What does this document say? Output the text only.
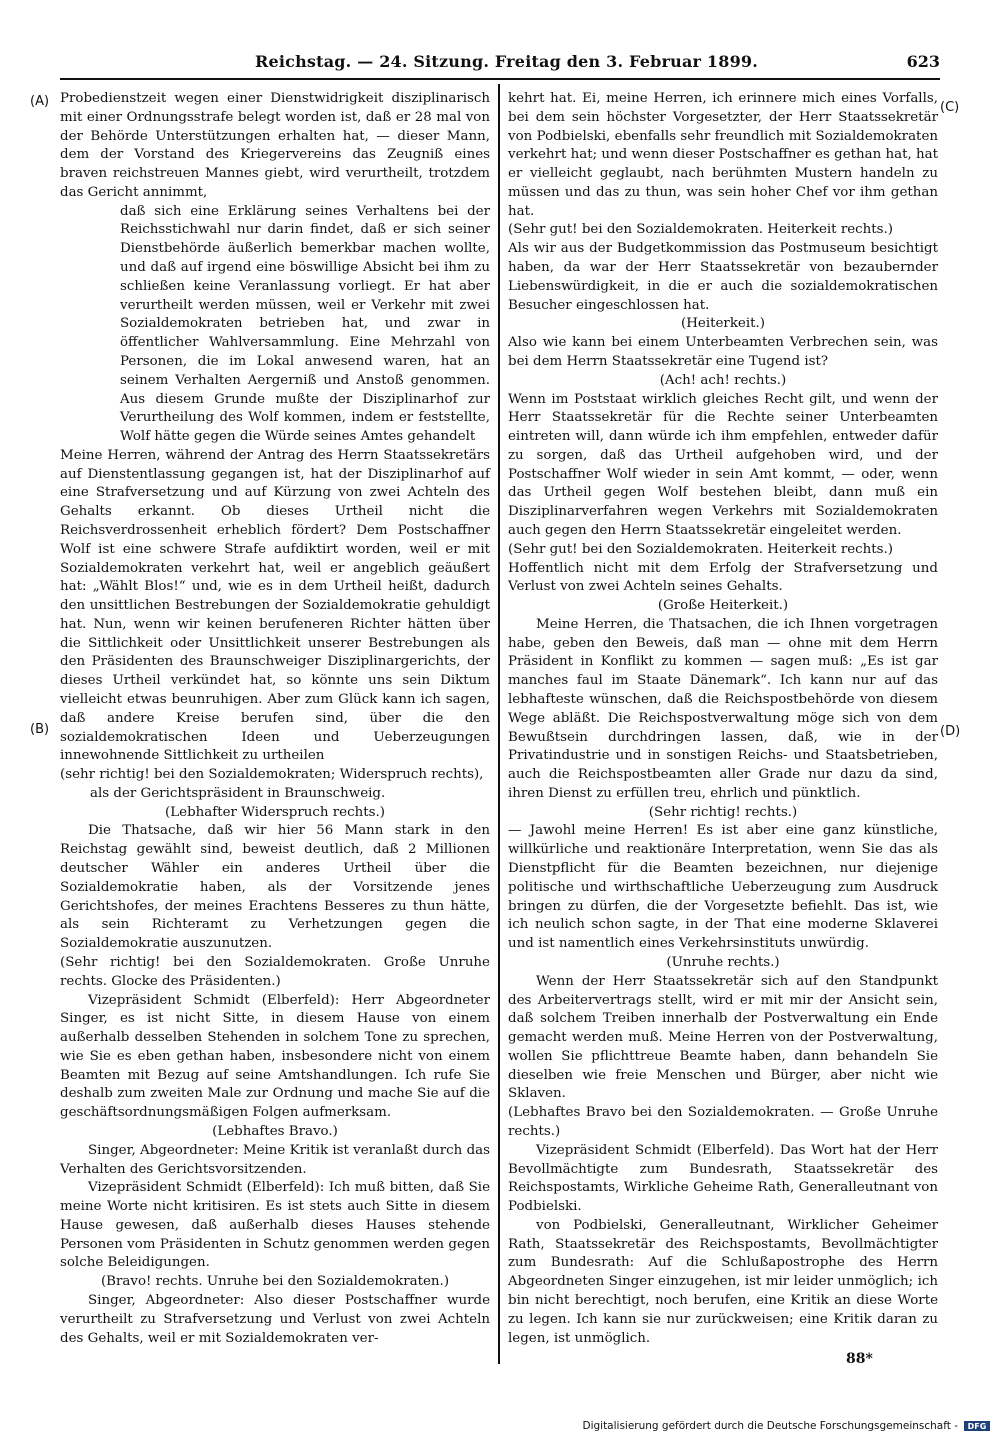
Reichstag. — 24. Sitzung. Freitag den 3. Februar 1899.	623
(A)
(B)
(C)
(D)

Probedienstzeit wegen einer Dienstwidrigkeit disziplinarisch mit einer Ordnungsstrafe belegt worden ist, daß er 28 mal von der Behörde Unterstützungen erhalten hat, — dieser Mann, dem der Vorstand des Kriegervereins das Zeugniß eines braven reichstreuen Mannes giebt, wird verurtheilt, trotzdem das Gericht annimmt,

daß sich eine Erklärung seines Verhaltens bei der Reichsstichwahl nur darin findet, daß er sich seiner Dienstbehörde äußerlich bemerkbar machen wollte, und daß auf irgend eine böswillige Absicht bei ihm zu schließen keine Veranlassung vorliegt. Er hat aber verurtheilt werden müssen, weil er Verkehr mit zwei Sozialdemokraten betrieben hat, und zwar in öffentlicher Wahlversammlung. Eine Mehrzahl von Personen, die im Lokal anwesend waren, hat an seinem Verhalten Aergerniß und Anstoß genommen. Aus diesem Grunde mußte der Disziplinarhof zur Verurtheilung des Wolf kommen, indem er feststellte, Wolf hätte gegen die Würde seines Amtes gehandelt

Meine Herren, während der Antrag des Herrn Staatssekretärs auf Dienstentlassung gegangen ist, hat der Disziplinarhof auf eine Strafversetzung und auf Kürzung von zwei Achteln des Gehalts erkannt. Ob dieses Urtheil nicht die Reichsverdrossenheit erheblich fördert? Dem Postschaffner Wolf ist eine schwere Strafe aufdiktirt worden, weil er mit Sozialdemokraten verkehrt hat, weil er angeblich geäußert hat: „Wählt Blos!“ und, wie es in dem Urtheil heißt, dadurch den unsittlichen Bestrebungen der Sozialdemokratie gehuldigt hat. Nun, wenn wir keinen berufeneren Richter hätten über die Sittlichkeit oder Unsittlichkeit unserer Bestrebungen als den Präsidenten des Braunschweiger Disziplinargerichts, der dieses Urtheil verkündet hat, so könnte uns sein Diktum vielleicht etwas beunruhigen. Aber zum Glück kann ich sagen, daß andere Kreise berufen sind, über die den sozialdemokratischen Ideen und Ueberzeugungen innewohnende Sittlichkeit zu urtheilen

(sehr richtig! bei den Sozialdemokraten; Widerspruch rechts),

als der Gerichtspräsident in Braunschweig.

(Lebhafter Widerspruch rechts.)

Die Thatsache, daß wir hier 56 Mann stark in den Reichstag gewählt sind, beweist deutlich, daß 2 Millionen deutscher Wähler ein anderes Urtheil über die Sozialdemokratie haben, als der Vorsitzende jenes Gerichtshofes, der meines Erachtens Besseres zu thun hätte, als sein Richteramt zu Verhetzungen gegen die Sozialdemokratie auszunutzen.

(Sehr richtig! bei den Sozialdemokraten. Große Unruhe rechts. Glocke des Präsidenten.)

Vizepräsident Schmidt (Elberfeld): Herr Abgeordneter Singer, es ist nicht Sitte, in diesem Hause von einem außerhalb desselben Stehenden in solchem Tone zu sprechen, wie Sie es eben gethan haben, insbesondere nicht von einem Beamten mit Bezug auf seine Amtshandlungen. Ich rufe Sie deshalb zum zweiten Male zur Ordnung und mache Sie auf die geschäftsordnungsmäßigen Folgen aufmerksam.

(Lebhaftes Bravo.)

Singer, Abgeordneter: Meine Kritik ist veranlaßt durch das Verhalten des Gerichtsvorsitzenden.

Vizepräsident Schmidt (Elberfeld): Ich muß bitten, daß Sie meine Worte nicht kritisiren. Es ist stets auch Sitte in diesem Hause gewesen, daß außerhalb dieses Hauses stehende Personen vom Präsidenten in Schutz genommen werden gegen solche Beleidigungen.

(Bravo! rechts. Unruhe bei den Sozialdemokraten.)

Singer, Abgeordneter: Also dieser Postschaffner wurde verurtheilt zu Strafversetzung und Verlust von zwei Achteln des Gehalts, weil er mit Sozialdemokraten ver-

kehrt hat. Ei, meine Herren, ich erinnere mich eines Vorfalls, bei dem sein höchster Vorgesetzter, der Herr Staatssekretär von Podbielski, ebenfalls sehr freundlich mit Sozialdemokraten verkehrt hat; und wenn dieser Postschaffner es gethan hat, hat er vielleicht geglaubt, nach berühmten Mustern handeln zu müssen und das zu thun, was sein hoher Chef vor ihm gethan hat.

(Sehr gut! bei den Sozialdemokraten. Heiterkeit rechts.)

Als wir aus der Budgetkommission das Postmuseum besichtigt haben, da war der Herr Staatssekretär von bezaubernder Liebenswürdigkeit, in die er auch die sozialdemokratischen Besucher eingeschlossen hat.

(Heiterkeit.)

Also wie kann bei einem Unterbeamten Verbrechen sein, was bei dem Herrn Staatssekretär eine Tugend ist?

(Ach! ach! rechts.)

Wenn im Poststaat wirklich gleiches Recht gilt, und wenn der Herr Staatssekretär für die Rechte seiner Unterbeamten eintreten will, dann würde ich ihm empfehlen, entweder dafür zu sorgen, daß das Urtheil aufgehoben wird, und der Postschaffner Wolf wieder in sein Amt kommt, — oder, wenn das Urtheil gegen Wolf bestehen bleibt, dann muß ein Disziplinarverfahren wegen Verkehrs mit Sozialdemokraten auch gegen den Herrn Staatssekretär eingeleitet werden.

(Sehr gut! bei den Sozialdemokraten. Heiterkeit rechts.)

Hoffentlich nicht mit dem Erfolg der Strafversetzung und Verlust von zwei Achteln seines Gehalts.

(Große Heiterkeit.)

Meine Herren, die Thatsachen, die ich Ihnen vorgetragen habe, geben den Beweis, daß man — ohne mit dem Herrn Präsident in Konflikt zu kommen — sagen muß: „Es ist gar manches faul im Staate Dänemark“. Ich kann nur auf das lebhafteste wünschen, daß die Reichspostbehörde von diesem Wege abläßt. Die Reichspostverwaltung möge sich von dem Bewußtsein durchdringen lassen, daß, wie in der Privatindustrie und in sonstigen Reichs- und Staatsbetrieben, auch die Reichspostbeamten aller Grade nur dazu da sind, ihren Dienst zu erfüllen treu, ehrlich und pünktlich.

(Sehr richtig! rechts.)

— Jawohl meine Herren! Es ist aber eine ganz künstliche, willkürliche und reaktionäre Interpretation, wenn Sie das als Dienstpflicht für die Beamten bezeichnen, nur diejenige politische und wirthschaftliche Ueberzeugung zum Ausdruck bringen zu dürfen, die der Vorgesetzte befiehlt. Das ist, wie ich neulich schon sagte, in der That eine moderne Sklaverei und ist namentlich eines Verkehrsinstituts unwürdig.

(Unruhe rechts.)

Wenn der Herr Staatssekretär sich auf den Standpunkt des Arbeitervertrags stellt, wird er mit mir der Ansicht sein, daß solchem Treiben innerhalb der Postverwaltung ein Ende gemacht werden muß. Meine Herren von der Postverwaltung, wollen Sie pflichttreue Beamte haben, dann behandeln Sie dieselben wie freie Menschen und Bürger, aber nicht wie Sklaven.

(Lebhaftes Bravo bei den Sozialdemokraten. — Große Unruhe rechts.)

Vizepräsident Schmidt (Elberfeld). Das Wort hat der Herr Bevollmächtigte zum Bundesrath, Staatssekretär des Reichspostamts, Wirkliche Geheime Rath, Generalleutnant von Podbielski.

von Podbielski, Generalleutnant, Wirklicher Geheimer Rath, Staatssekretär des Reichspostamts, Bevollmächtigter zum Bundesrath: Auf die Schlußapostrophe des Herrn Abgeordneten Singer einzugehen, ist mir leider unmöglich; ich bin nicht berechtigt, noch berufen, eine Kritik an diese Worte zu legen. Ich kann sie nur zurückweisen; eine Kritik daran zu legen, ist unmöglich.

88*
Digitalisierung gefördert durch die Deutsche Forschungsgemeinschaft -	DFG
